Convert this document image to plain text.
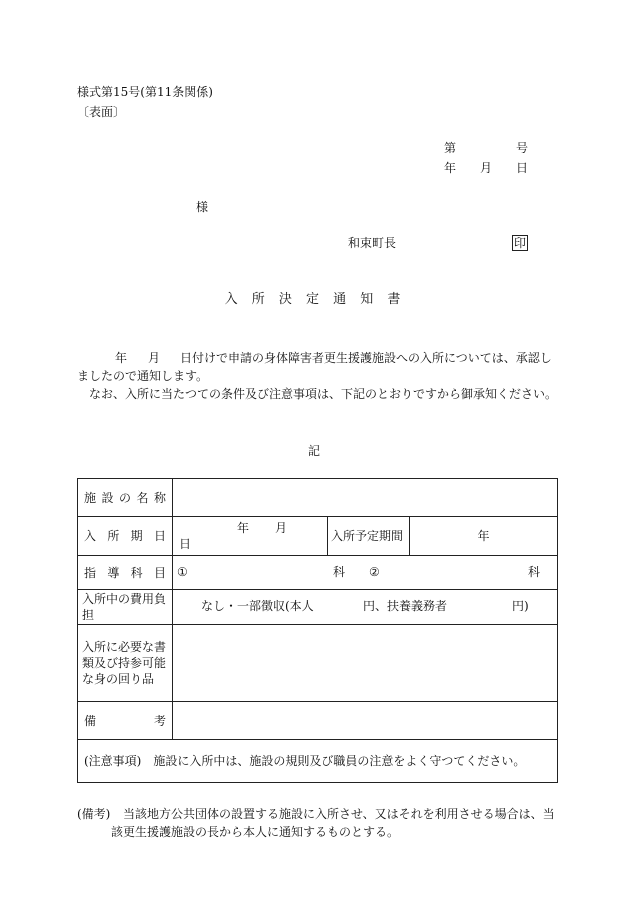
様式第15号(第11条関係)
〔表面〕
第	号
年 月 日
様
和束町長	印
入 所 決 定 通 知 書
年 月 日付けで申請の身体障害者更生援護施設への入所については、承認し
ましたので通知します。
なお、入所に当たつての条件及び注意事項は、下記のとおりですから御承知ください。
記
施設の名称			
入所期日	年 月日	入所予定期間	年
指導科目	① 科 ② 科		

入所中の費用負担	なし・一部徴収(本人 円、扶養義務者 円)		

入所に必要な書類及び持参可能な身の回り品			
備考			
(注意事項)　施設に入所中は、施設の規則及び職員の注意をよく守つてください。			
(備考) 当該地方公共団体の設置する施設に入所させ、又はそれを利用させる場合は、当
該更生援護施設の長から本人に通知するものとする。
